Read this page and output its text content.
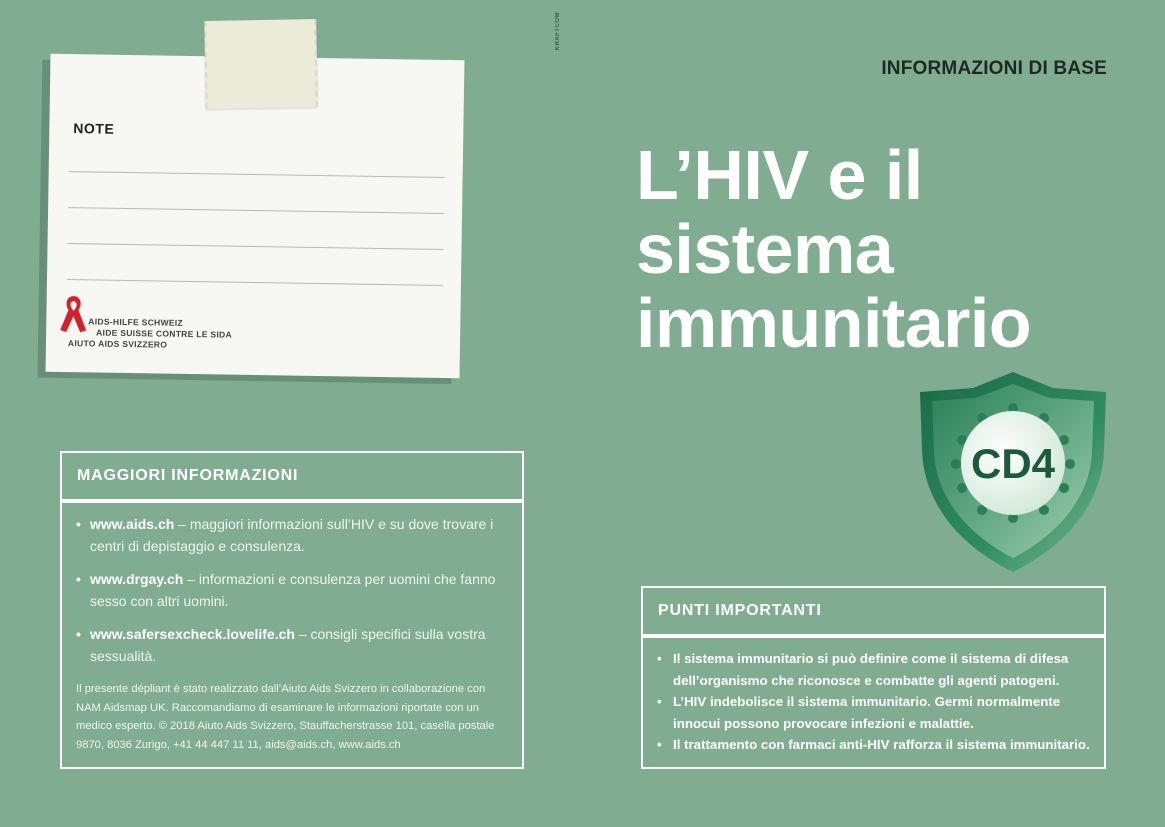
NOTE
AIDS-HILFE SCHWEIZ
AIDE SUISSE CONTRE LE SIDA
AIUTO AIDS SVIZZERO
KRAFTCOM
INFORMAZIONI DI BASE
L’HIV e il
sistema
immunitario
CD4
MAGGIORI INFORMAZIONI
• www.aids.ch – maggiori informazioni sull’HIV e su dove trovare i centri di depistaggio e consulenza.
• www.drgay.ch – informazioni e consulenza per uomini che fanno sesso con altri uomini.
• www.safersexcheck.lovelife.ch – consigli specifici sulla vostra sessualità.
Il presente dépliant è stato realizzato dall’Aiuto Aids Svizzero in collaborazione con NAM Aidsmap UK. Raccomandiamo di esaminare le informazioni riportate con un medico esperto. © 2018 Aiuto Aids Svizzero, Stauffacherstrasse 101, casella postale 9870, 8036 Zurigo, +41 44 447 11 11, aids@aids.ch, www.aids.ch
PUNTI IMPORTANTI
• Il sistema immunitario si può definire come il sistema di difesa dell’organismo che riconosce e combatte gli agenti patogeni.
• L’HIV indebolisce il sistema immunitario. Germi normalmente innocui possono provocare infezioni e malattie.
• Il trattamento con farmaci anti-HIV rafforza il sistema immunitario.
